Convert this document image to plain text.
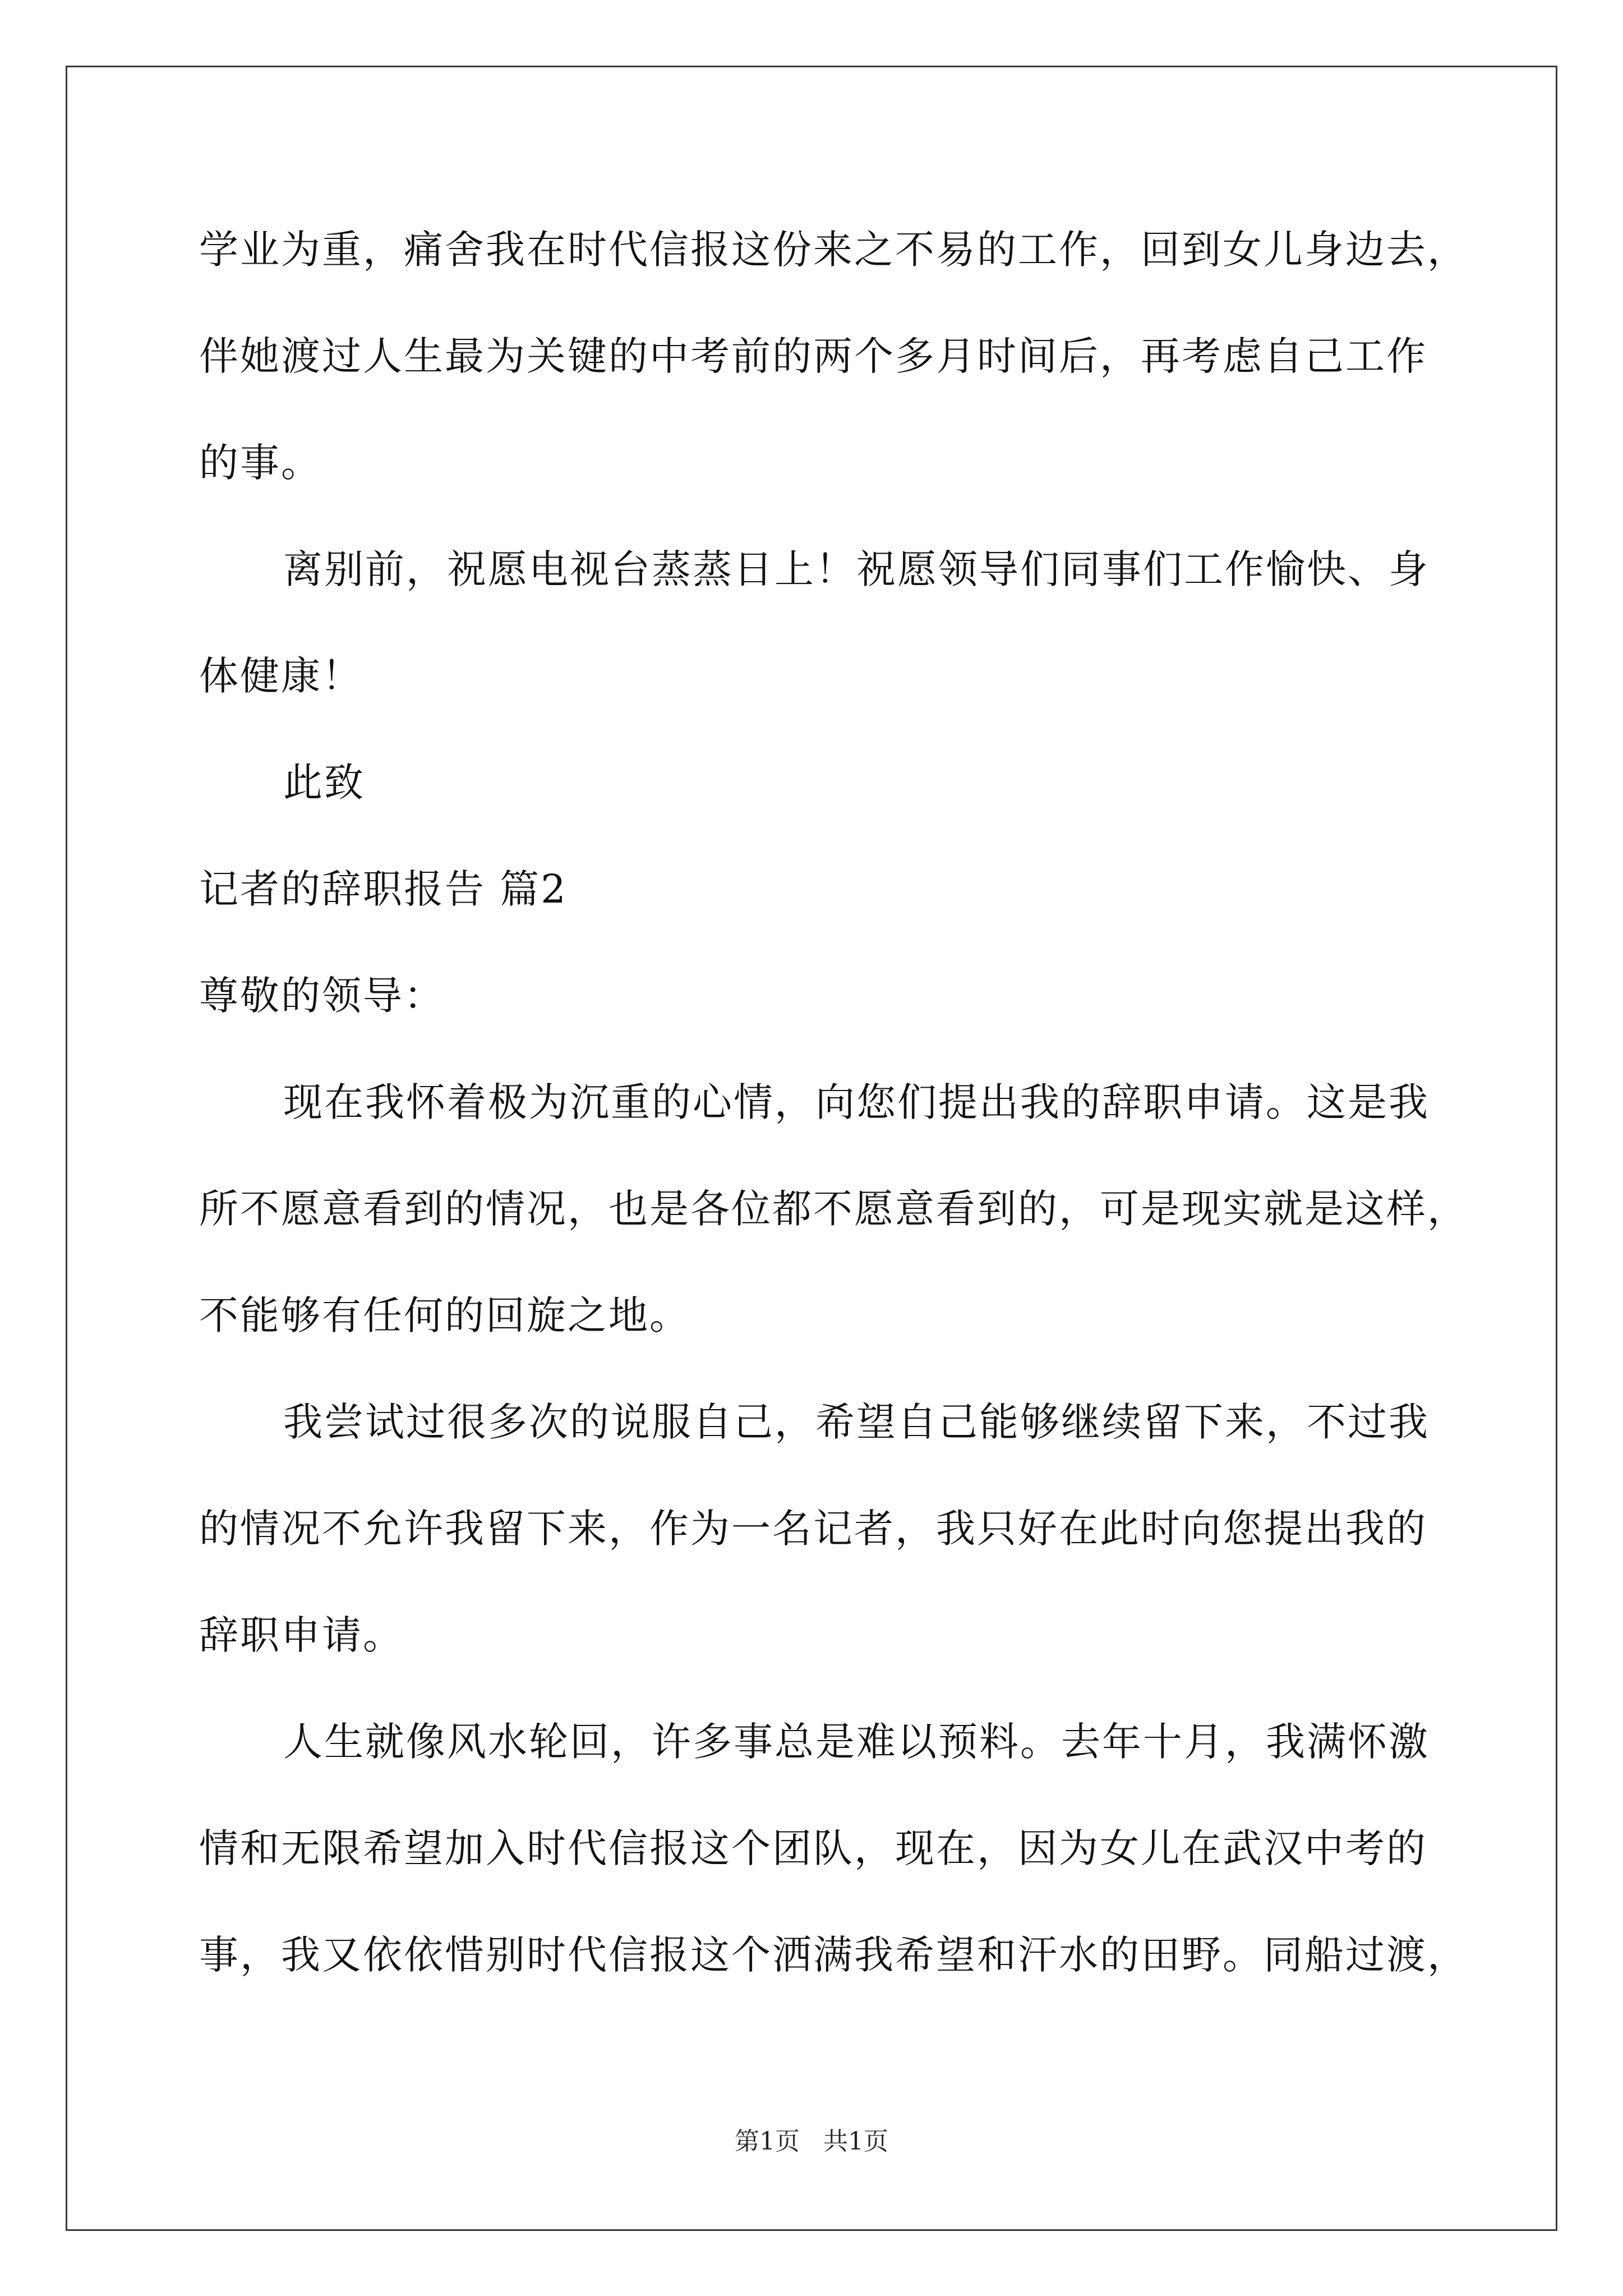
学业为重，痛舍我在时代信报这份来之不易的工作，回到女儿身边去，
伴她渡过人生最为关键的中考前的两个多月时间后，再考虑自己工作
的事。
离别前，祝愿电视台蒸蒸日上！祝愿领导们同事们工作愉快、身
体健康！
此致
记者的辞职报告 篇2
尊敬的领导：
现在我怀着极为沉重的心情，向您们提出我的辞职申请。这是我
所不愿意看到的情况，也是各位都不愿意看到的，可是现实就是这样，
不能够有任何的回旋之地。
我尝试过很多次的说服自己，希望自己能够继续留下来，不过我
的情况不允许我留下来，作为一名记者，我只好在此时向您提出我的
辞职申请。
人生就像风水轮回，许多事总是难以预料。去年十月，我满怀激
情和无限希望加入时代信报这个团队，现在，因为女儿在武汉中考的
事，我又依依惜别时代信报这个洒满我希望和汗水的田野。同船过渡，
第1页   共1页
